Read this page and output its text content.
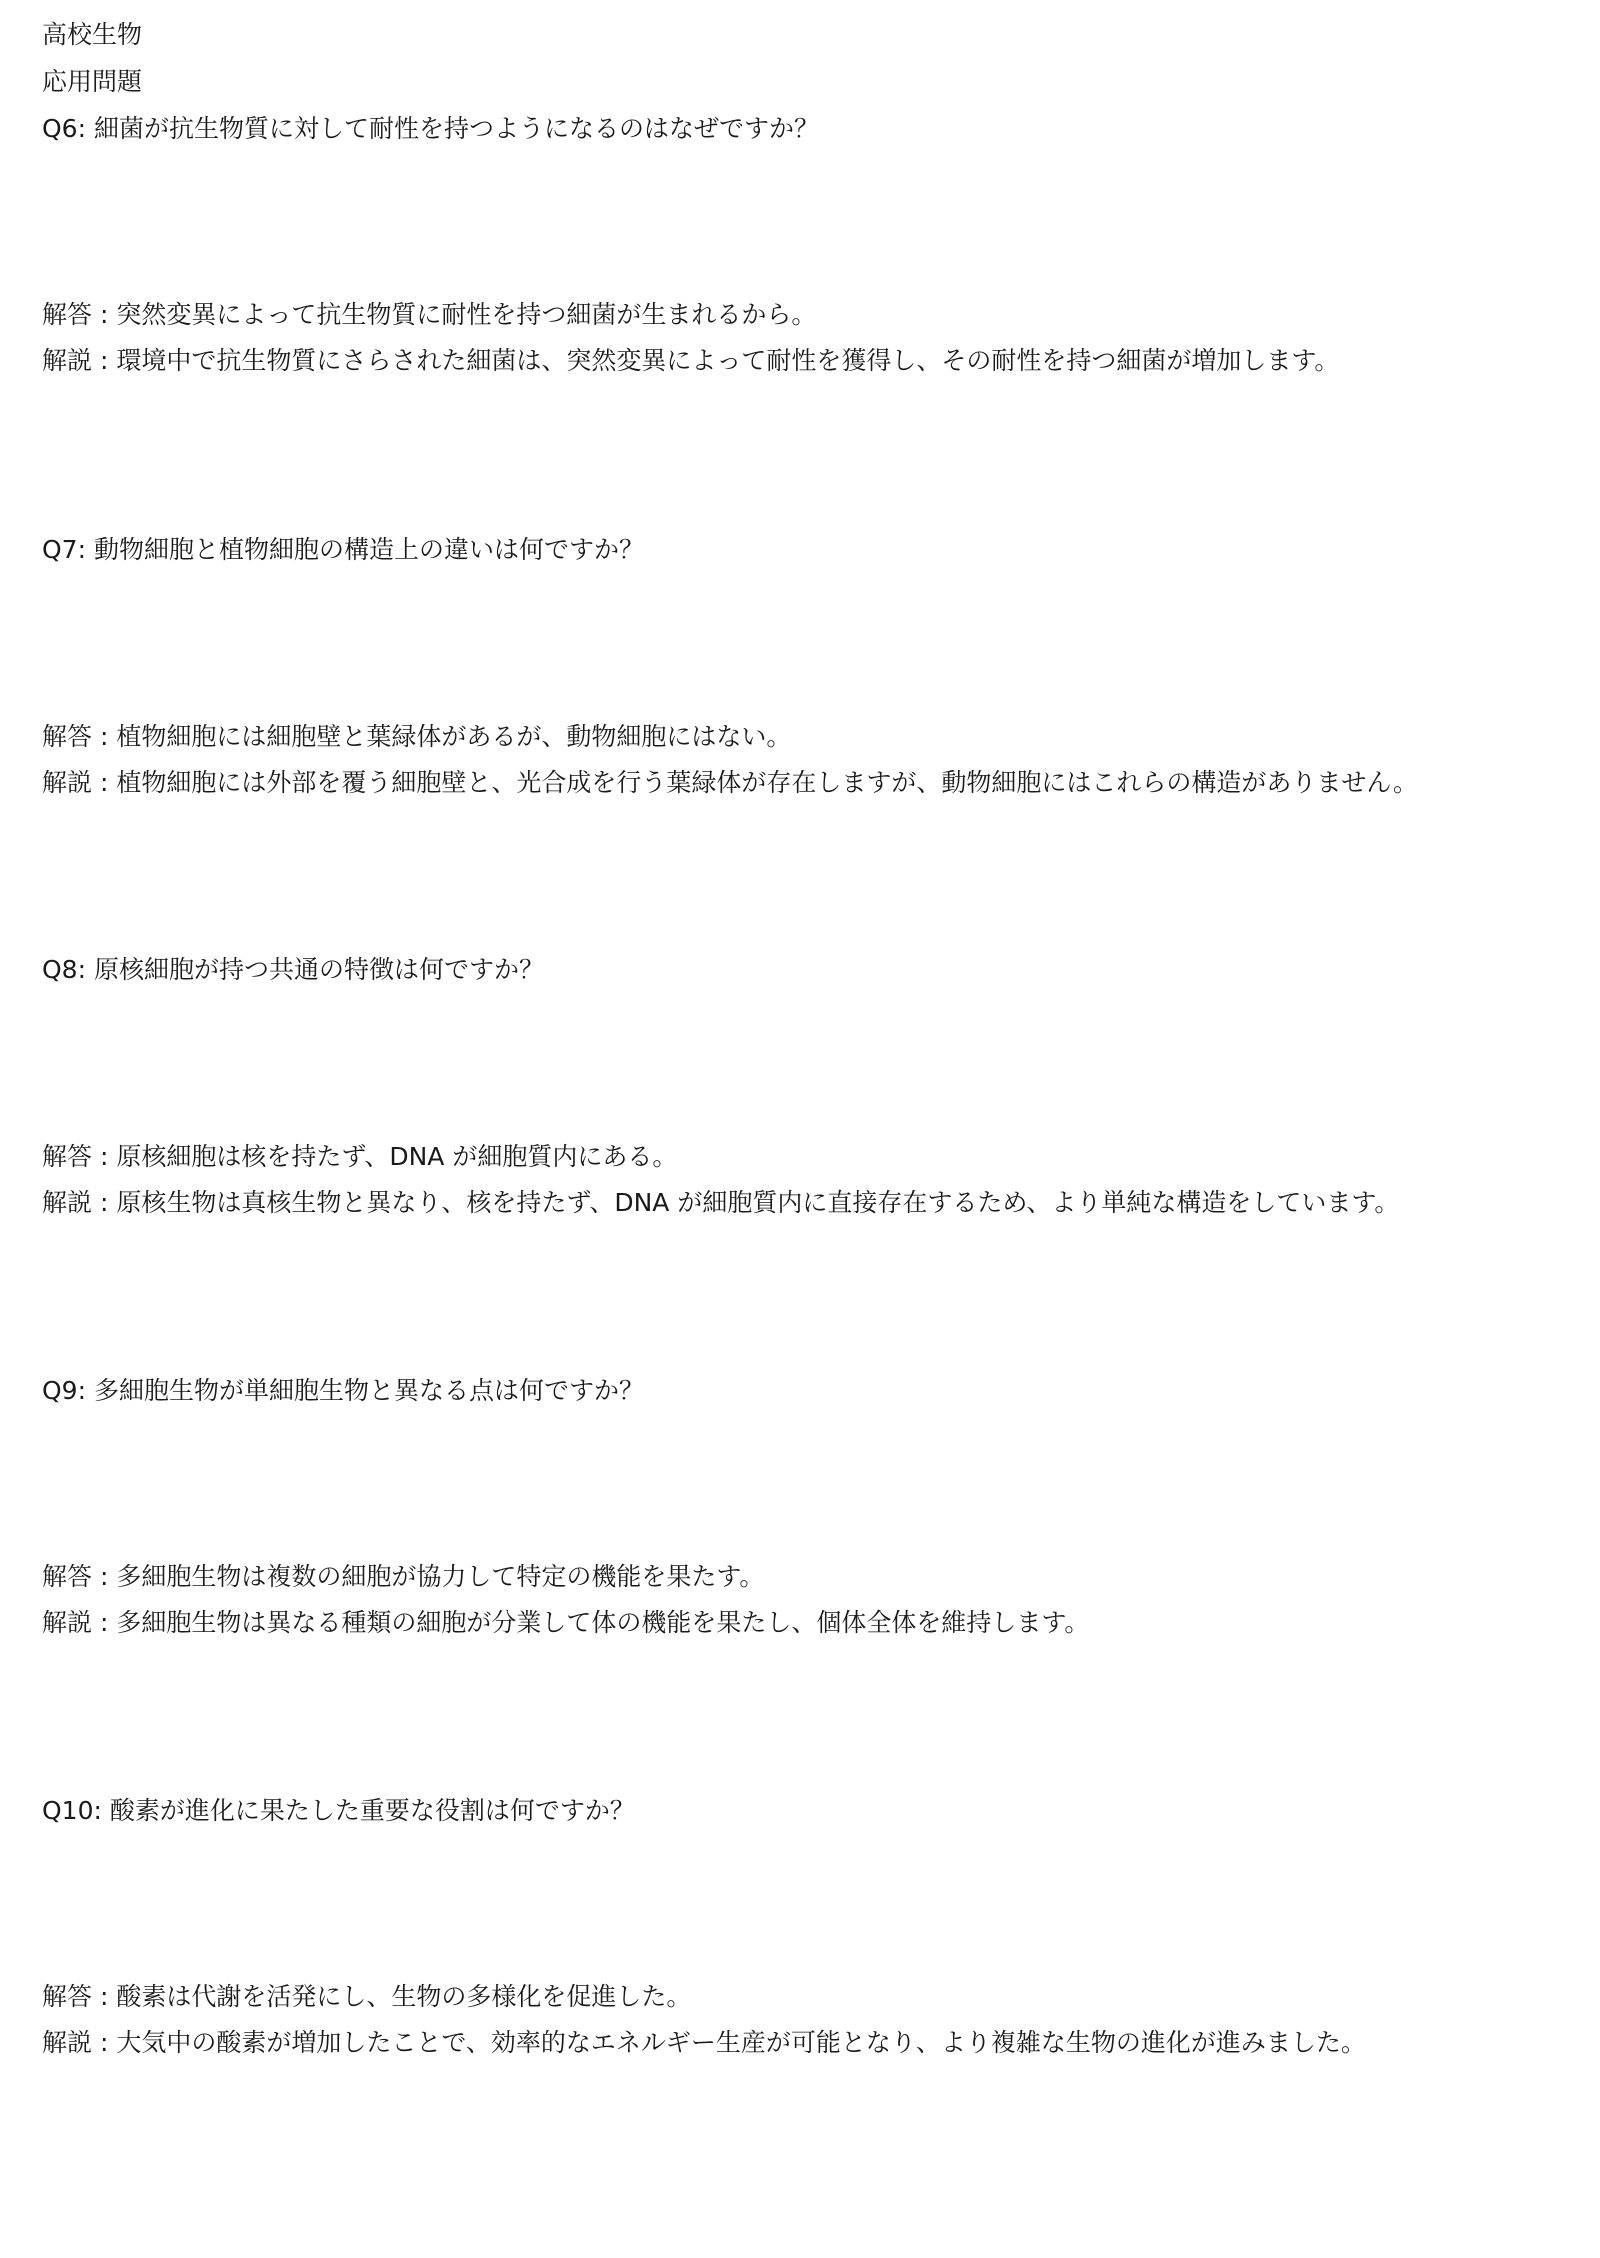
高校生物
応用問題
Q6: 細菌が抗生物質に対して耐性を持つようになるのはなぜですか？
解答 : 突然変異によって抗生物質に耐性を持つ細菌が生まれるから。
解説 : 環境中で抗生物質にさらされた細菌は、突然変異によって耐性を獲得し、その耐性を持つ細菌が増加します。
Q7: 動物細胞と植物細胞の構造上の違いは何ですか？
解答 : 植物細胞には細胞壁と葉緑体があるが、動物細胞にはない。
解説 : 植物細胞には外部を覆う細胞壁と、光合成を行う葉緑体が存在しますが、動物細胞にはこれらの構造がありません。
Q8: 原核細胞が持つ共通の特徴は何ですか？
解答 : 原核細胞は核を持たず、DNA が細胞質内にある。
解説 : 原核生物は真核生物と異なり、核を持たず、DNA が細胞質内に直接存在するため、より単純な構造をしています。
Q9: 多細胞生物が単細胞生物と異なる点は何ですか？
解答 : 多細胞生物は複数の細胞が協力して特定の機能を果たす。
解説 : 多細胞生物は異なる種類の細胞が分業して体の機能を果たし、個体全体を維持します。
Q10: 酸素が進化に果たした重要な役割は何ですか？
解答 : 酸素は代謝を活発にし、生物の多様化を促進した。
解説 : 大気中の酸素が増加したことで、効率的なエネルギー生産が可能となり、より複雑な生物の進化が進みました。
